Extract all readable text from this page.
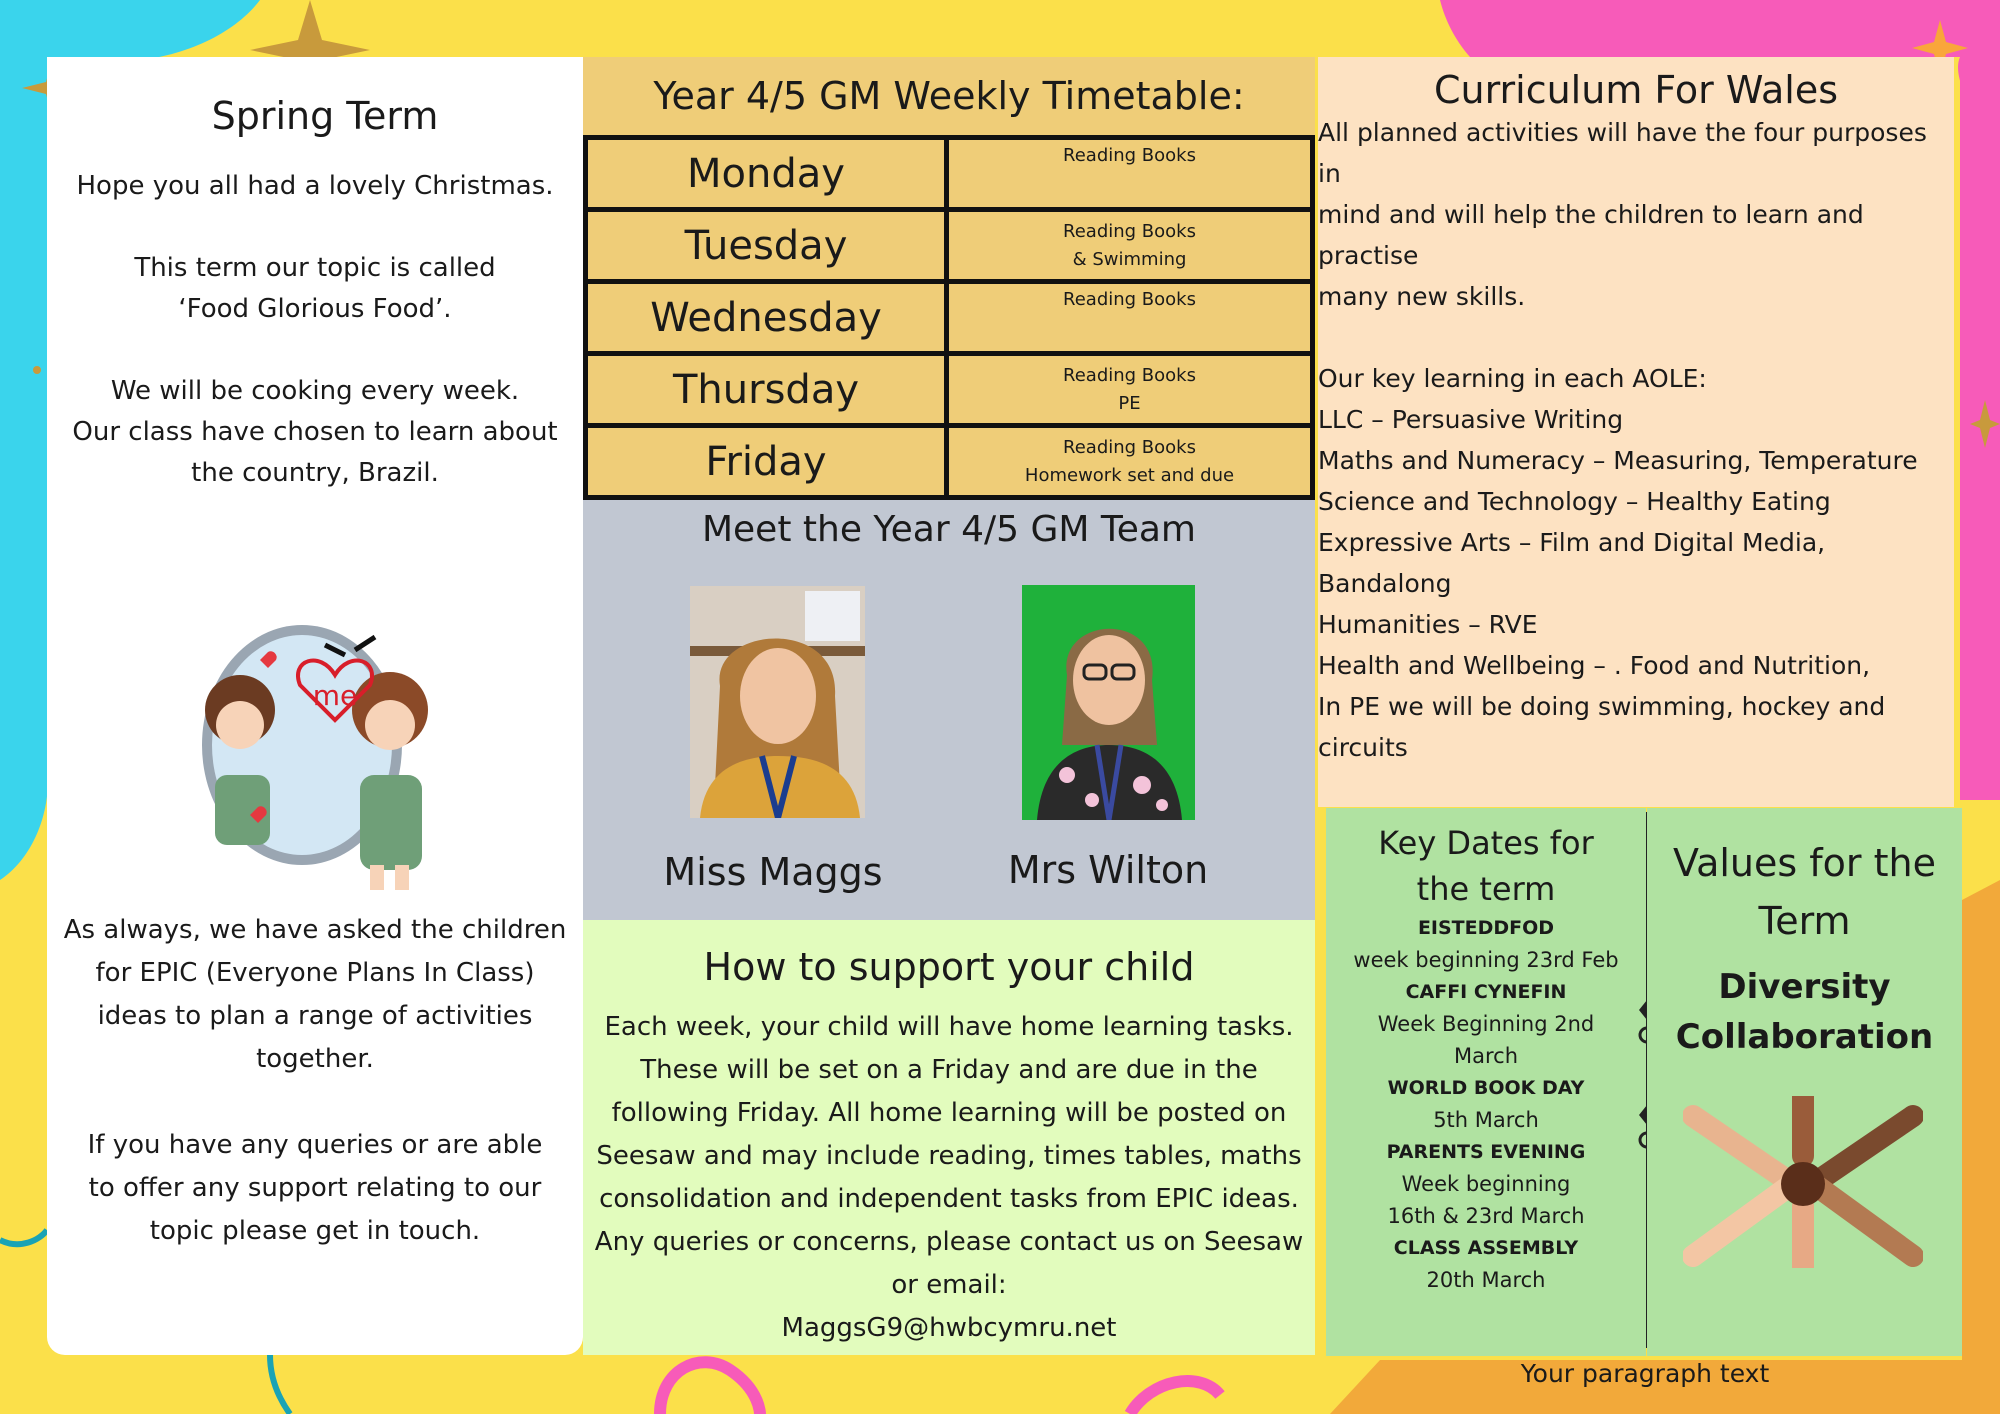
Spring Term

Hope you all had a lovely Christmas.

This term our topic is called

‘Food Glorious Food’.

We will be cooking every week.

Our class have chosen to learn about

the country, Brazil.

me

As always, we have asked the children

for EPIC (Everyone Plans In Class)

ideas to plan a range of activities

together.

If you have any queries or are able

to offer any support relating to our

topic please get in touch.

Year 4/5 GM Weekly Timetable:
Monday	Reading Books

Tuesday	Reading Books
& Swimming

Wednesday	Reading Books

Thursday	Reading Books
PE

Friday	Reading Books
Homework set and due
Meet the Year 4/5 GM Team
Miss Maggs	Mrs Wilton
How to support your child
Each week, your child will have home learning tasks.
These will be set on a Friday and are due in the
following Friday. All home learning will be posted on
Seesaw and may include reading, times tables, maths
consolidation and independent tasks from EPIC ideas.
Any queries or concerns, please contact us on Seesaw
or email:
MaggsG9@hwbcymru.net
Curriculum For Wales
All planned activities will have the four purposes in
mind and will help the children to learn and practise
many new skills.
Our key learning in each AOLE:
LLC – Persuasive Writing
Maths and Numeracy – Measuring, Temperature
Science and Technology – Healthy Eating
Expressive Arts – Film and Digital Media, Bandalong
Humanities – RVE
Health and Wellbeing – . Food and Nutrition,
In PE we will be doing swimming, hockey and circuits
Key Dates for
the term
EISTEDDFOD
week beginning 23rd Feb
CAFFI CYNEFIN
Week Beginning 2nd March
WORLD BOOK DAY
5th March
PARENTS EVENING
Week beginning 16th & 23rd March
CLASS ASSEMBLY
20th March
Values for the
Term
Diversity
Collaboration
Your paragraph text
